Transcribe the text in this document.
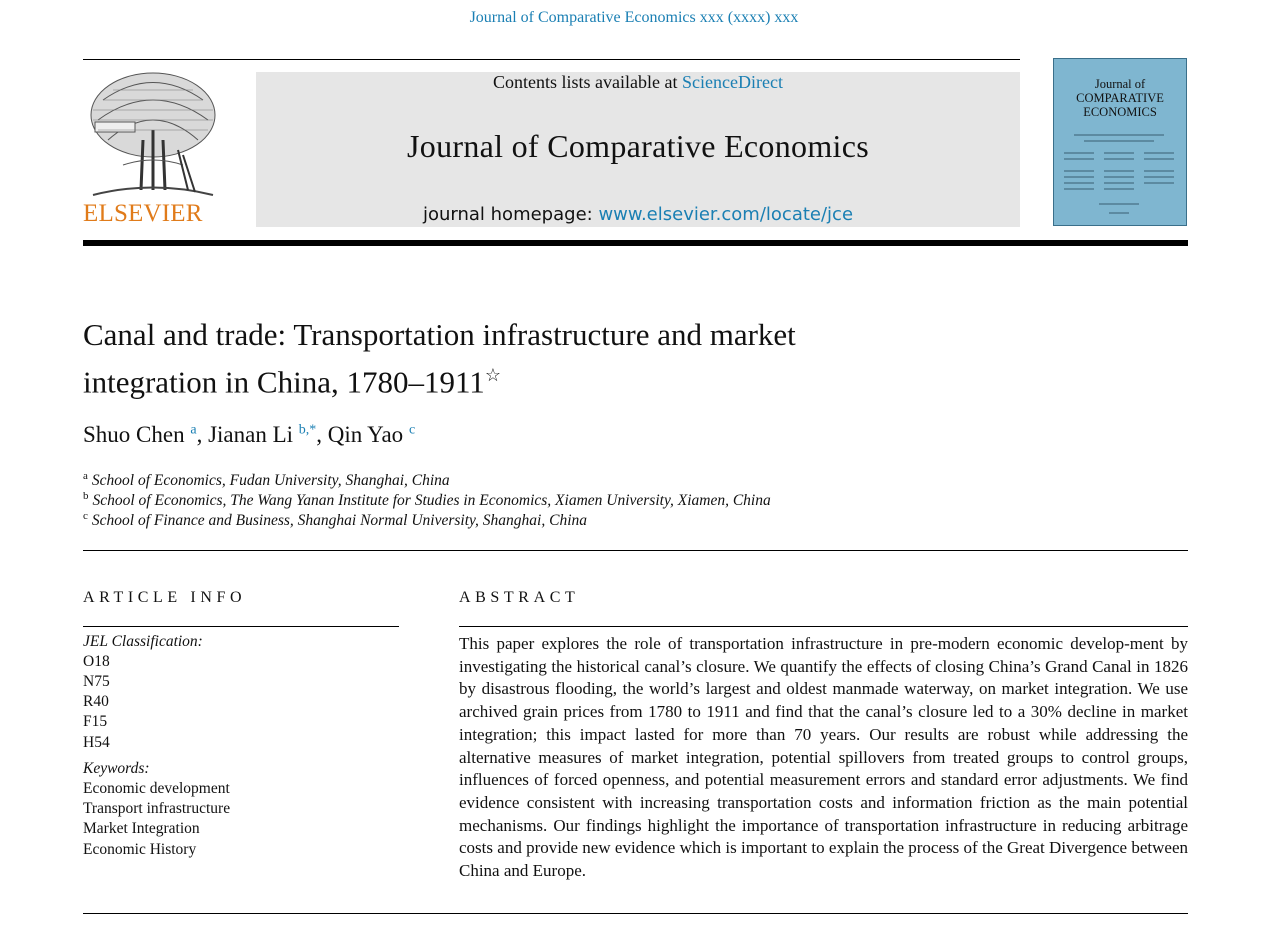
Journal of Comparative Economics xxx (xxxx) xxx
ELSEVIER
Contents lists available at ScienceDirect
Journal of Comparative Economics
journal homepage: www.elsevier.com/locate/jce
Journal of
COMPARATIVE
ECONOMICS
Canal and trade: Transportation infrastructure and market
integration in China, 1780–1911☆
Shuo Chen $^a$, Jianan Li $^{b,*}$, Qin Yao $^c$
$^a$ School of Economics, Fudan University, Shanghai, China
$^b$ School of Economics, The Wang Yanan Institute for Studies in Economics, Xiamen University, Xiamen, China
$^c$ School of Finance and Business, Shanghai Normal University, Shanghai, China
ARTICLE INFO
JEL Classification:
O18
N75
R40
F15
H54
Keywords:
Economic development
Transport infrastructure
Market Integration
Economic History
ABSTRACT
This paper explores the role of transportation infrastructure in pre-modern economic develop-ment by investigating the historical canal’s closure. We quantify the effects of closing China’s Grand Canal in 1826 by disastrous flooding, the world’s largest and oldest manmade waterway, on market integration. We use archived grain prices from 1780 to 1911 and find that the canal’s closure led to a 30% decline in market integration; this impact lasted for more than 70 years. Our results are robust while addressing the alternative measures of market integration, potential spillovers from treated groups to control groups, influences of forced openness, and potential measurement errors and standard error adjustments. We find evidence consistent with increasing transportation costs and information friction as the main potential mechanisms. Our findings highlight the importance of transportation infrastructure in reducing arbitrage costs and provide new evidence which is important to explain the process of the Great Divergence between China and Europe.
